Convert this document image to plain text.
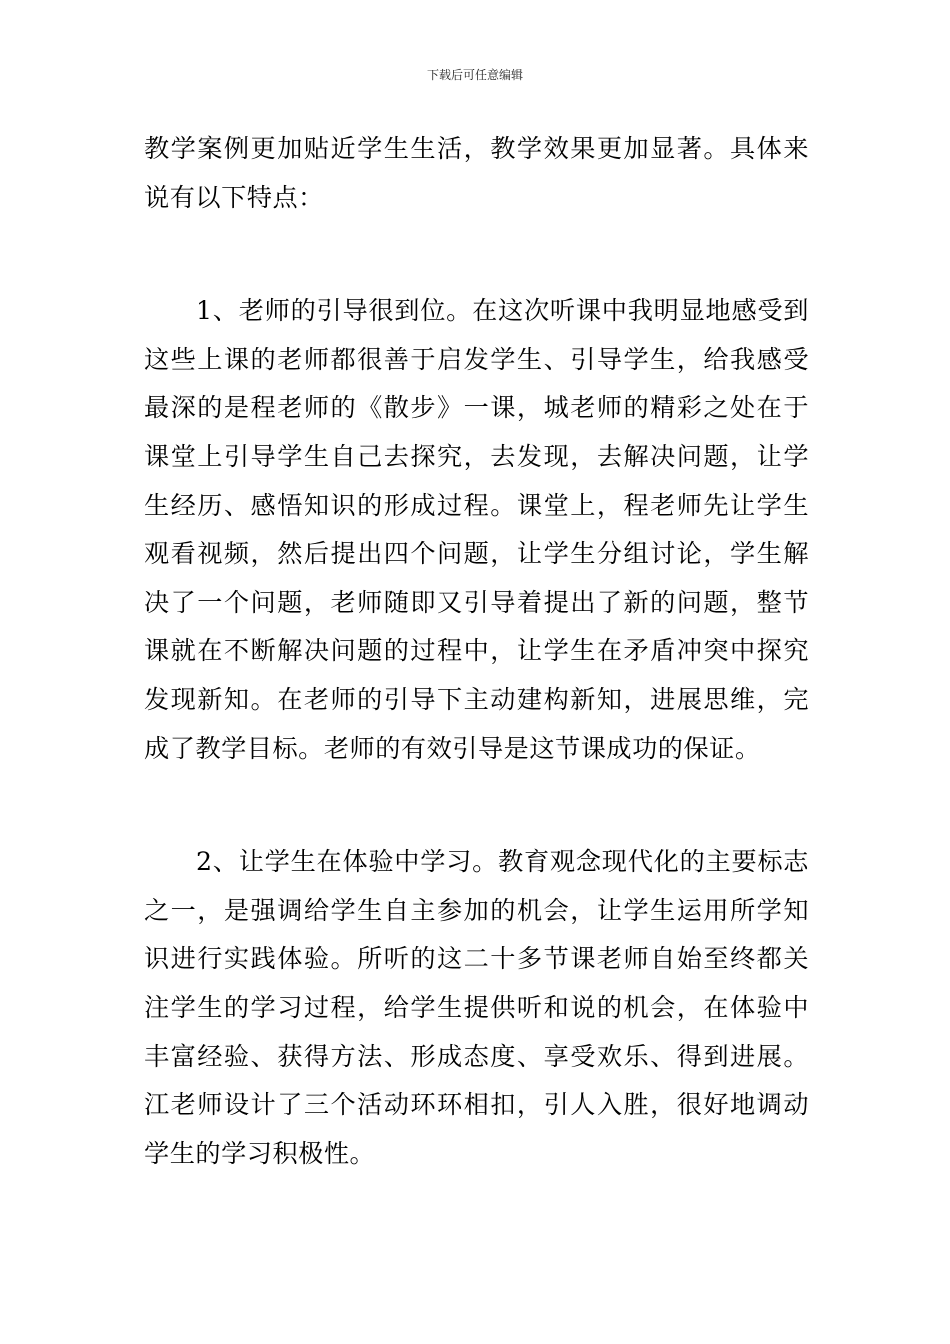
下载后可任意编辑

教学案例更加贴近学生生活，教学效果更加显著。具体来说有以下特点：

1、老师的引导很到位。在这次听课中我明显地感受到这些上课的老师都很善于启发学生、引导学生，给我感受最深的是程老师的《散步》一课，城老师的精彩之处在于课堂上引导学生自己去探究，去发现，去解决问题，让学生经历、感悟知识的形成过程。课堂上，程老师先让学生观看视频，然后提出四个问题，让学生分组讨论，学生解决了一个问题，老师随即又引导着提出了新的问题，整节课就在不断解决问题的过程中，让学生在矛盾冲突中探究发现新知。在老师的引导下主动建构新知，进展思维，完成了教学目标。老师的有效引导是这节课成功的保证。

2、让学生在体验中学习。教育观念现代化的主要标志之一，是强调给学生自主参加的机会，让学生运用所学知识进行实践体验。所听的这二十多节课老师自始至终都关注学生的学习过程，给学生提供听和说的机会，在体验中丰富经验、获得方法、形成态度、享受欢乐、得到进展。江老师设计了三个活动环环相扣，引人入胜，很好地调动学生的学习积极性。
